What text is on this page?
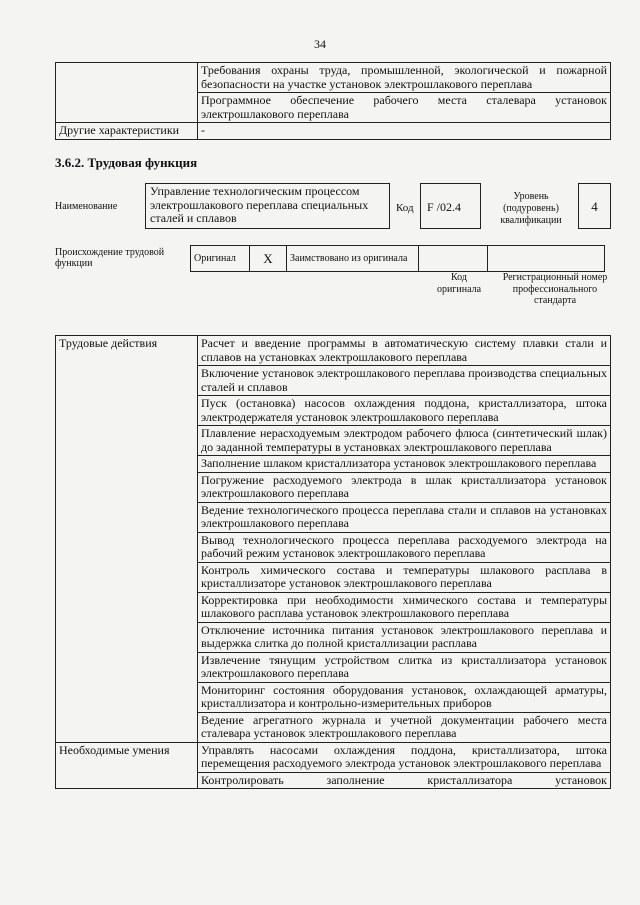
34
	Требования охраны труда, промышленной, экологической и пожарной безопасности на участке установок электрошлакового переплава
	Программное обеспечение рабочего места сталевара установок электрошлакового переплава
Другие характеристики	-
3.6.2. Трудовая функция
Наименование
Управление технологическим процессом электрошлакового переплава специальных сталей и сплавов
Код	F /02.4
Уровень (подуровень) квалификации
4
Происхождение трудовой функции	Оригинал	X	Заимствовано из оригинала		
Код оригинала
Регистрационный номер профессионального стандарта
Трудовые действия	Расчет и введение программы в автоматическую систему плавки стали и сплавов на установках электрошлакового переплава
	Включение установок электрошлакового переплава производства специальных сталей и сплавов
	Пуск (остановка) насосов охлаждения поддона, кристаллизатора, штока электродержателя установок электрошлакового переплава
	Плавление нерасходуемым электродом рабочего флюса (синтетический шлак) до заданной температуры в установках электрошлакового переплава
	Заполнение шлаком кристаллизатора установок электрошлакового переплава
	Погружение расходуемого электрода в шлак кристаллизатора установок электрошлакового переплава
	Ведение технологического процесса переплава стали и сплавов на установках электрошлакового переплава
	Вывод технологического процесса переплава расходуемого электрода на рабочий режим установок электрошлакового переплава
	Контроль химического состава и температуры шлакового расплава в кристаллизаторе установок электрошлакового переплава
	Корректировка при необходимости химического состава и температуры шлакового расплава установок электрошлакового переплава
	Отключение источника питания установок электрошлакового переплава и выдержка слитка до полной кристаллизации расплава
	Извлечение тянущим устройством слитка из кристаллизатора установок электрошлакового переплава
	Мониторинг состояния оборудования установок, охлаждающей арматуры, кристаллизатора и контрольно-измерительных приборов
	Ведение агрегатного журнала и учетной документации рабочего места сталевара установок электрошлакового переплава
Необходимые умения	Управлять насосами охлаждения поддона, кристаллизатора, штока перемещения расходуемого электрода установок электрошлакового переплава
	Контролировать заполнение кристаллизатора установок
